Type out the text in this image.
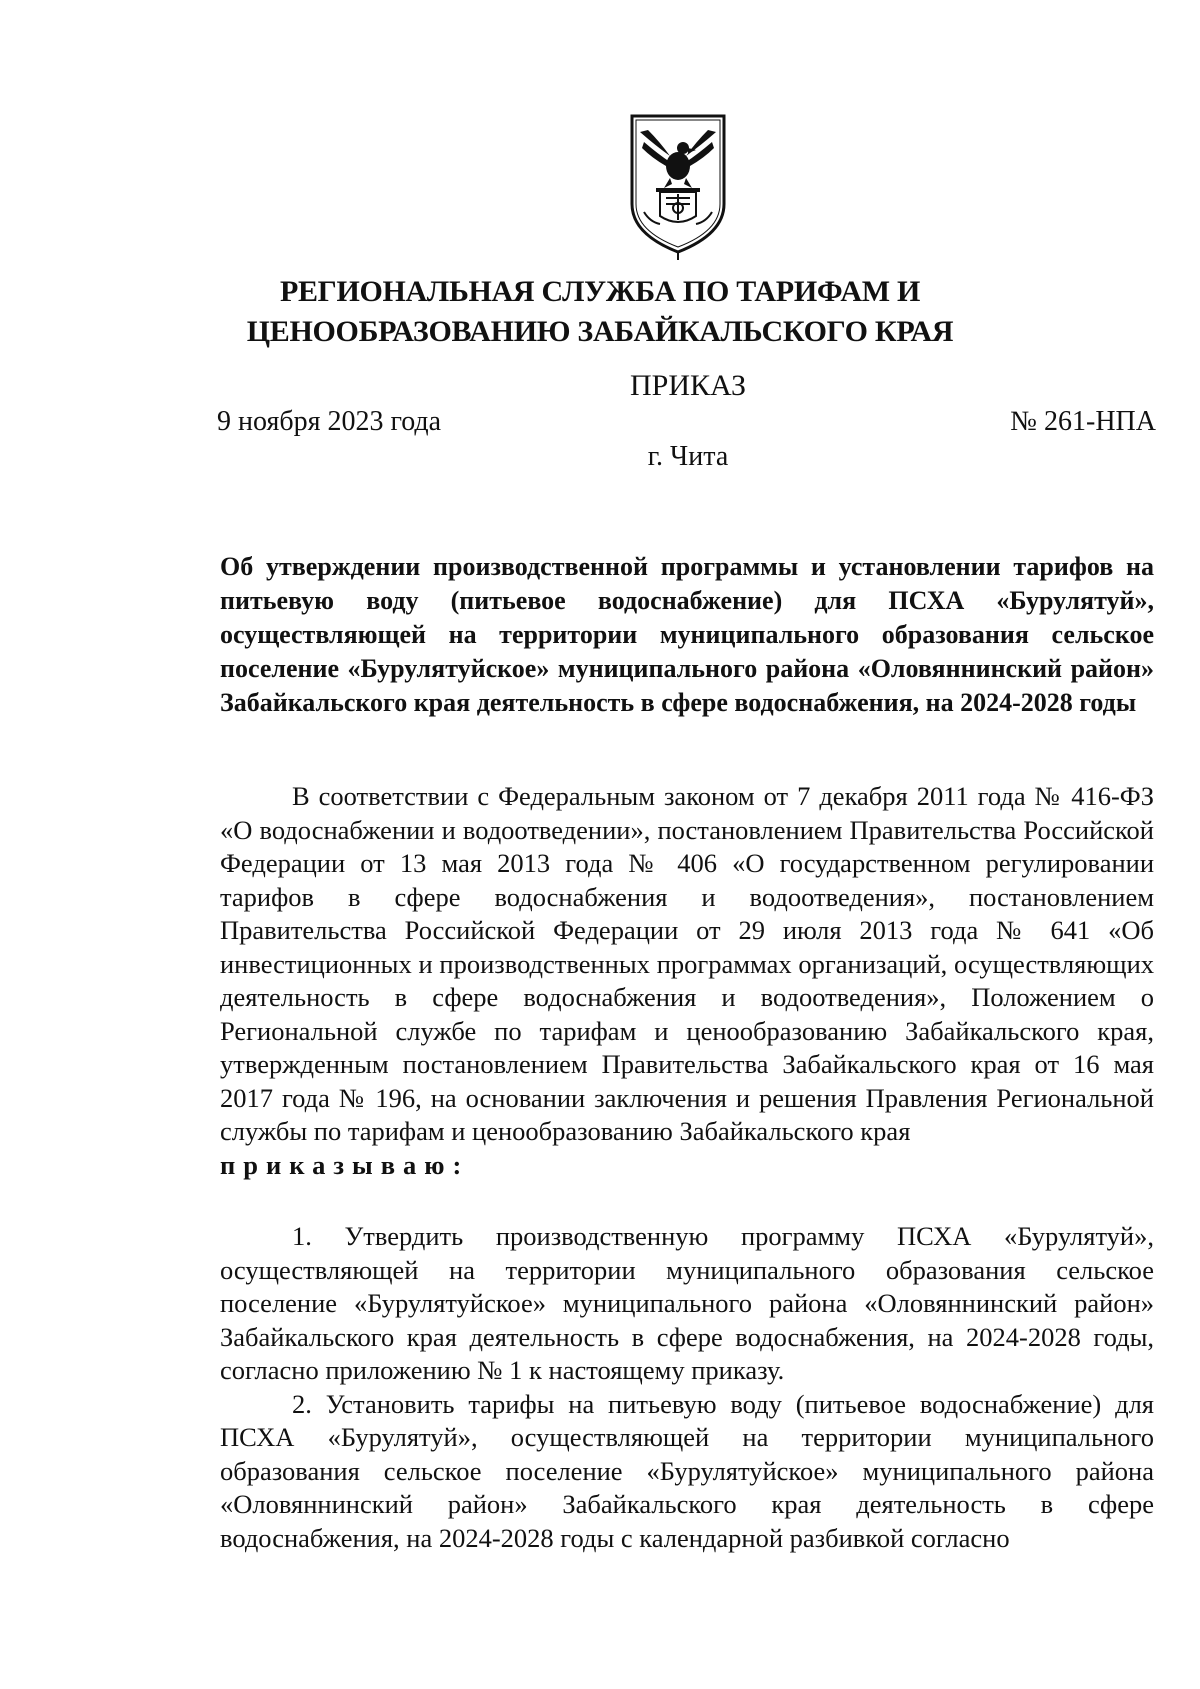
РЕГИОНАЛЬНАЯ СЛУЖБА ПО ТАРИФАМ И
ЦЕНООБРАЗОВАНИЮ ЗАБАЙКАЛЬСКОГО КРАЯ
ПРИКАЗ
9 ноября 2023 года	№ 261-НПА
г. Чита
Об утверждении производственной программы и установлении тарифов на питьевую воду (питьевое водоснабжение) для ПСХА «Бурулятуй», осуществляющей на территории муниципального образования сельское поселение «Бурулятуйское» муниципального района «Оловяннинский район» Забайкальского края деятельность в сфере водоснабжения, на 2024-2028 годы

В соответствии с Федеральным законом от 7 декабря 2011 года № 416-ФЗ «О водоснабжении и водоотведении», постановлением Правительства Российской Федерации от 13 мая 2013 года № 406 «О государственном регулировании тарифов в сфере водоснабжения и водоотведения», постановлением Правительства Российской Федерации от 29 июля 2013 года № 641 «Об инвестиционных и производственных программах организаций, осуществляющих деятельность в сфере водоснабжения и водоотведения», Положением о Региональной службе по тарифам и ценообразованию Забайкальского края, утвержденным постановлением Правительства Забайкальского края от 16 мая 2017 года № 196, на основании заключения и решения Правления Региональной службы по тарифам и ценообразованию Забайкальского края
приказываю:

1. Утвердить производственную программу ПСХА «Бурулятуй», осуществляющей на территории муниципального образования сельское поселение «Бурулятуйское» муниципального района «Оловяннинский район» Забайкальского края деятельность в сфере водоснабжения, на 2024-2028 годы, согласно приложению № 1 к настоящему приказу.

2. Установить тарифы на питьевую воду (питьевое водоснабжение) для ПСХА «Бурулятуй», осуществляющей на территории муниципального образования сельское поселение «Бурулятуйское» муниципального района «Оловяннинский район» Забайкальского края деятельность в сфере водоснабжения, на 2024-2028 годы с календарной разбивкой согласно
